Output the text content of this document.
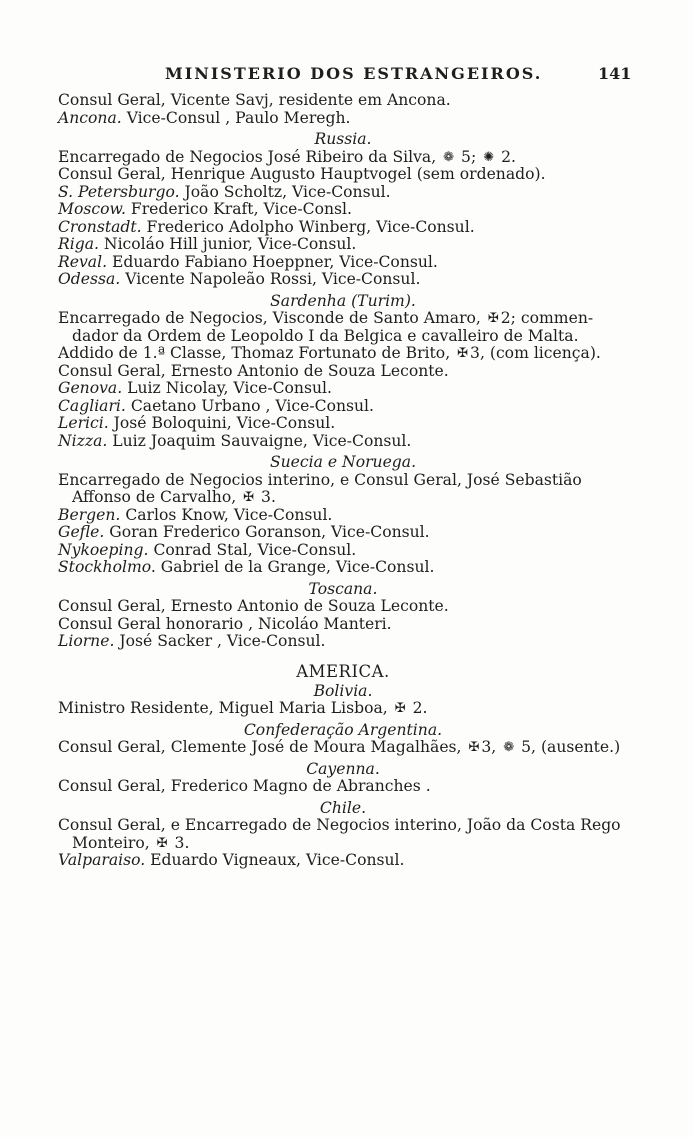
MINISTERIO DOS ESTRANGEIROS.	141
Consul Geral, Vicente Savj, residente em Ancona.
Ancona. Vice-Consul , Paulo Meregh.
Russia.
Encarregado de Negocios José Ribeiro da Silva, ❁ 5; ✺ 2.
Consul Geral, Henrique Augusto Hauptvogel (sem ordenado).
S. Petersburgo. João Scholtz, Vice-Consul.
Moscow. Frederico Kraft, Vice-Consl.
Cronstadt. Frederico Adolpho Winberg, Vice-Consul.
Riga. Nicoláo Hill junior, Vice-Consul.
Reval. Eduardo Fabiano Hoeppner, Vice-Consul.
Odessa. Vicente Napoleão Rossi, Vice-Consul.
Sardenha (Turim).
Encarregado de Negocios, Visconde de Santo Amaro, ✠ 2; commen-
dador da Ordem de Leopoldo I da Belgica e cavalleiro de Malta.
Addido de 1.ª Classe, Thomaz Fortunato de Brito, ✠ 3, (com licença).
Consul Geral, Ernesto Antonio de Souza Leconte.
Genova. Luiz Nicolay, Vice-Consul.
Cagliari. Caetano Urbano , Vice-Consul.
Lerici. José Boloquini, Vice-Consul.
Nizza. Luiz Joaquim Sauvaigne, Vice-Consul.
Suecia e Noruega.
Encarregado de Negocios interino, e Consul Geral, José Sebastião
Affonso de Carvalho, ✠ 3.
Bergen. Carlos Know, Vice-Consul.
Gefle. Goran Frederico Goranson, Vice-Consul.
Nykoeping. Conrad Stal, Vice-Consul.
Stockholmo. Gabriel de la Grange, Vice-Consul.
Toscana.
Consul Geral, Ernesto Antonio de Souza Leconte.
Consul Geral honorario , Nicoláo Manteri.
Liorne. José Sacker , Vice-Consul.
AMERICA.
Bolivia.
Ministro Residente, Miguel Maria Lisboa, ✠ 2.
Confederação Argentina.
Consul Geral, Clemente José de Moura Magalhães, ✠ 3, ❁ 5, (ausente.)
Cayenna.
Consul Geral, Frederico Magno de Abranches .
Chile.
Consul Geral, e Encarregado de Negocios interino, João da Costa Rego
Monteiro, ✠ 3.
Valparaiso. Eduardo Vigneaux, Vice-Consul.
